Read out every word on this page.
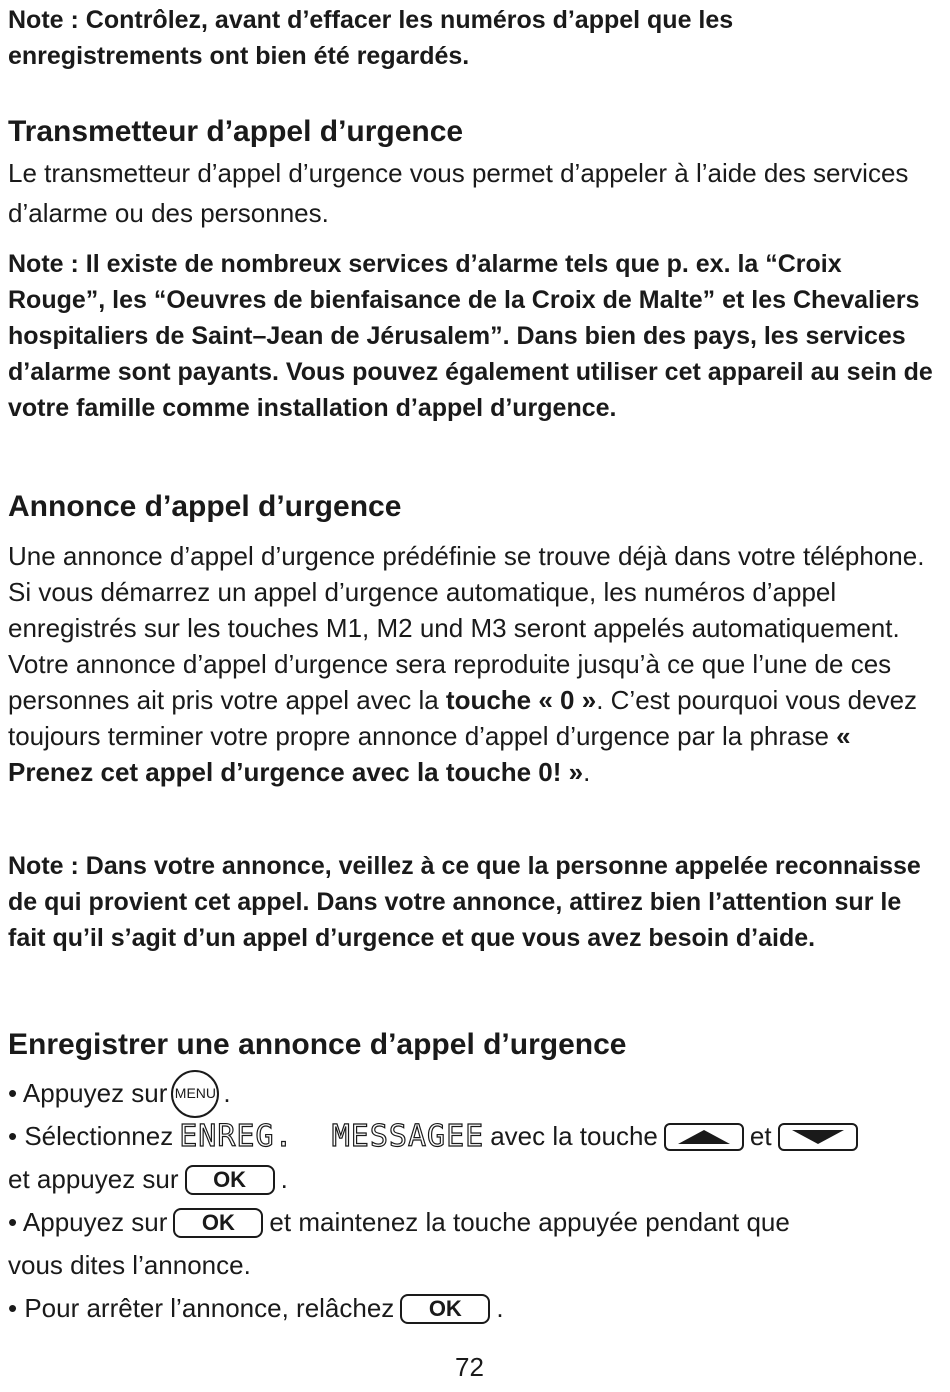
Note : Contrôlez, avant d’effacer les numéros d’appel que les enregistrements ont bien été regardés.
Transmetteur d’appel d’urgence
Le transmetteur d’appel d’urgence vous permet d’appeler à l’aide des services d’alarme ou des personnes.
Note : Il existe de nombreux services d’alarme tels que p. ex. la “Croix Rouge”, les “Oeuvres de bienfaisance de la Croix de Malte” et les Chevaliers hospitaliers de Saint–Jean de Jérusalem”. Dans bien des pays, les services d’alarme sont payants. Vous pouvez également utiliser cet appareil au sein de votre famille comme installation d’appel d’urgence.
Annonce d’appel d’urgence
Une annonce d’appel d’urgence prédéfinie se trouve déjà dans votre téléphone. Si vous démarrez un appel d’urgence automatique, les numéros d’appel enregistrés sur les touches M1, M2 und M3 seront appelés automatiquement. Votre annonce d’appel d’urgence sera reproduite jusqu’à ce que l’une de ces personnes ait pris votre appel avec la touche « 0 ». C’est pourquoi vous devez toujours terminer votre propre annonce d’appel d’urgence par la phrase « Prenez cet appel d’urgence avec la touche 0! ».
Note : Dans votre annonce, veillez à ce que la personne appelée reconnaisse de qui provient cet appel. Dans votre annonce, attirez bien l’attention sur le fait qu’il s’agit d’un appel d’urgence et que vous avez besoin d’aide.
Enregistrer une annonce d’appel d’urgence
• Appuyez sur MENU .
• Sélectionnez ENREG.  MESSAGEE avec la touche	et
et appuyez sur	OK	.
• Appuyez sur	OK	et maintenez la touche appuyée pendant que
vous dites l’annonce.
• Pour arrêter l’annonce, relâchez	OK	.
72
